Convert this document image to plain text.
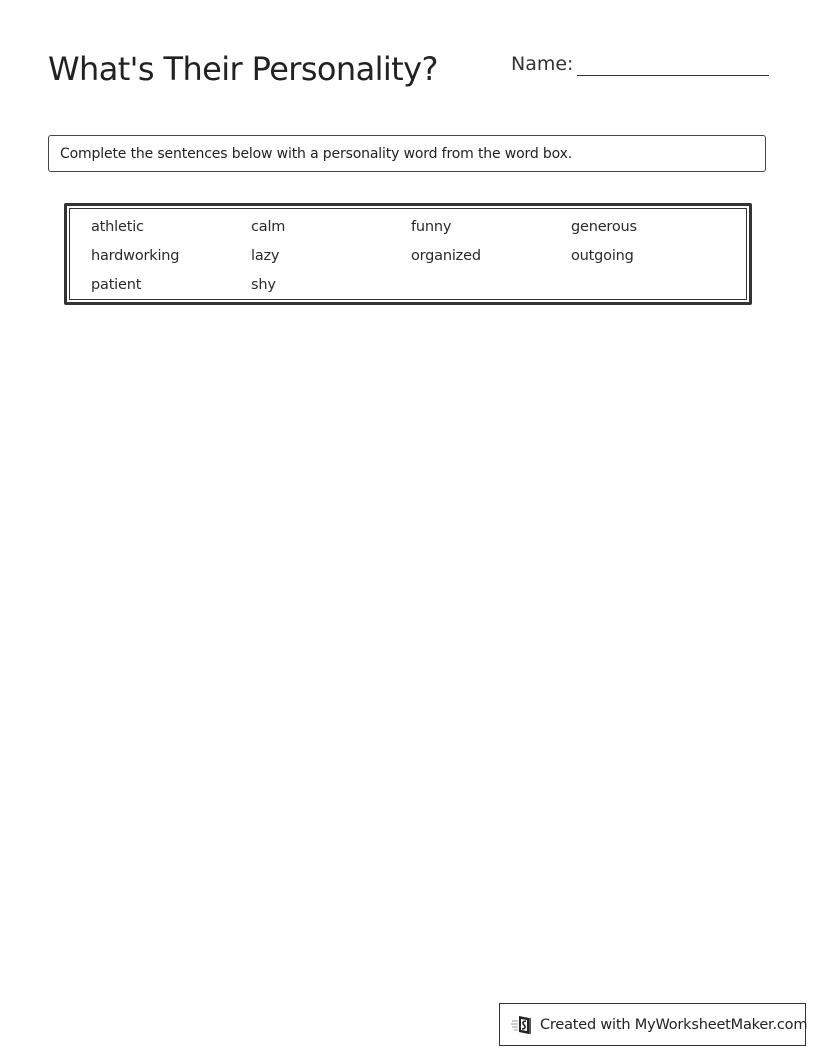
What's Their Personality?	Name:
Complete the sentences below with a personality word from the word box.
athletic	calm	funny	generous
hardworking	lazy	organized	outgoing
patient	shy
Created with MyWorksheetMaker.com
